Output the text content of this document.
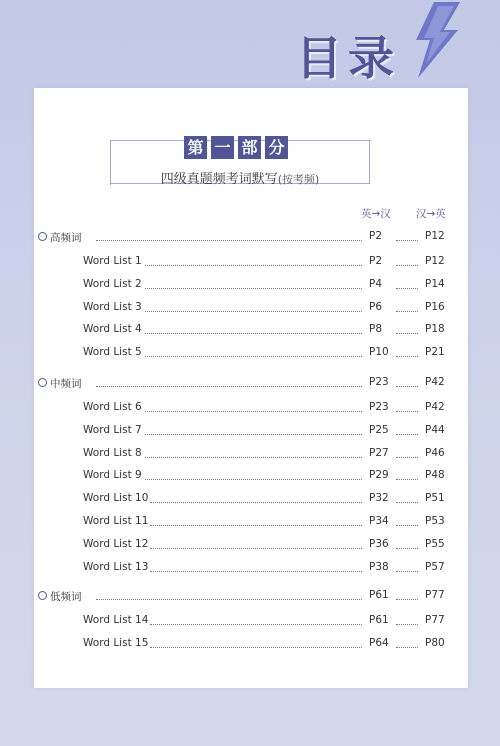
目录
第 一 部 分
四级真题频考词默写(按考频)
英→汉 汉→英
高频词	P2	P12
Word List 1	P2	P12
Word List 2	P4	P14
Word List 3	P6	P16
Word List 4	P8	P18
Word List 5	P10	P21
中频词	P23	P42
Word List 6	P23	P42
Word List 7	P25	P44
Word List 8	P27	P46
Word List 9	P29	P48
Word List 10	P32	P51
Word List 11	P34	P53
Word List 12	P36	P55
Word List 13	P38	P57
低频词	P61	P77
Word List 14	P61	P77
Word List 15	P64	P80
